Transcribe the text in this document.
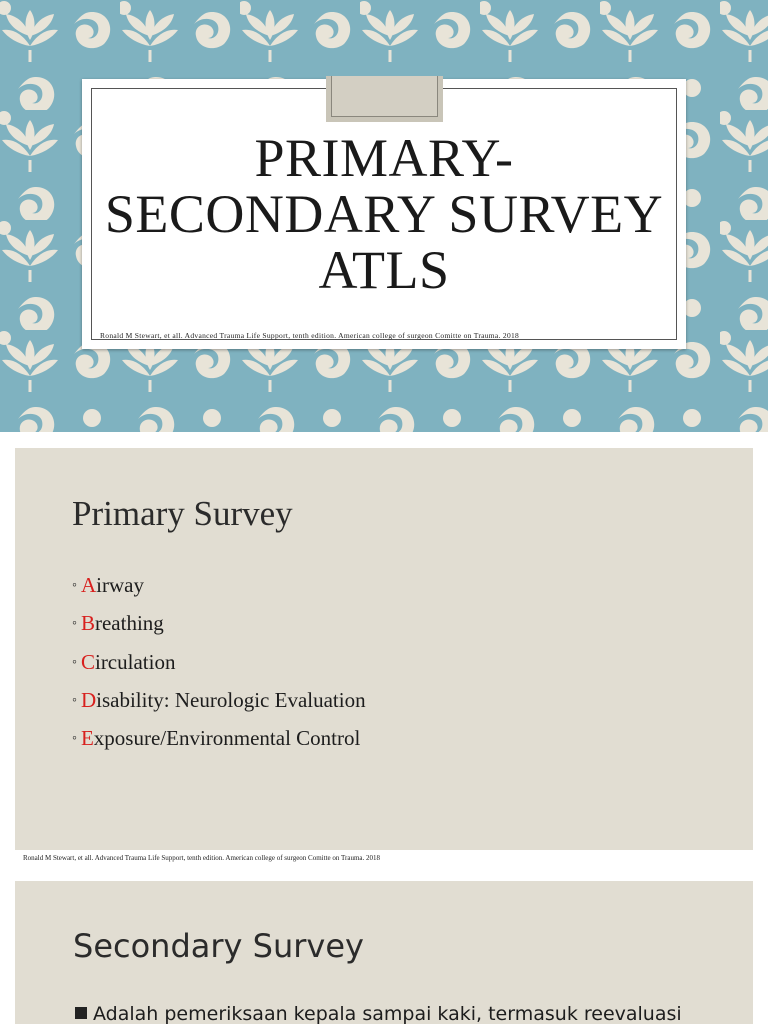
PRIMARY-
SECONDARY SURVEY
ATLS
Ronald M Stewart, et all. Advanced Trauma Life Support, tenth edition. American college of surgeon Comitte on Trauma. 2018
Primary Survey
◦ Airway
◦ Breathing
◦ Circulation
◦ Disability: Neurologic Evaluation
◦ Exposure/Environmental Control
Ronald M Stewart, et all. Advanced Trauma Life Support, tenth edition. American college of surgeon Comitte on Trauma. 2018
Secondary Survey
Adalah pemeriksaan kepala sampai kaki, termasuk reevaluasi
